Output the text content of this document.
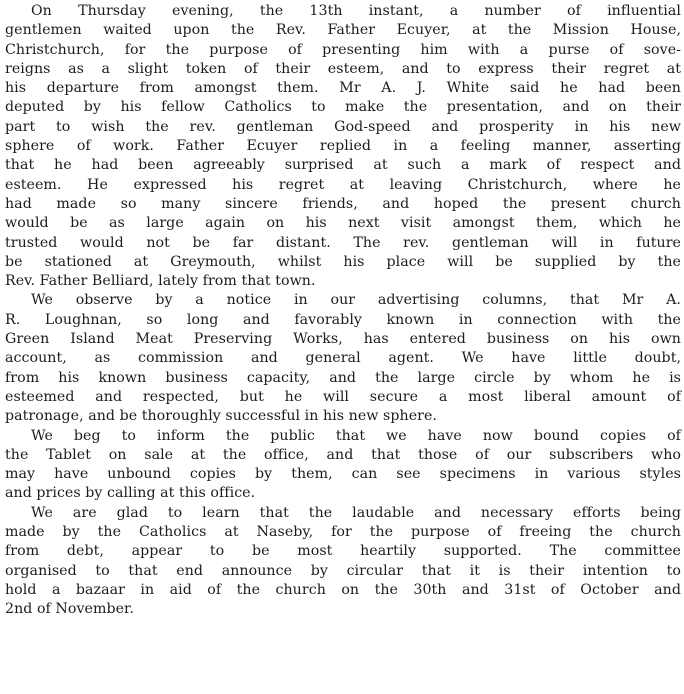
On Thursday evening, the 13th instant, a number of influential
gentlemen waited upon the Rev. Father Ecuyer, at the Mission House,
Christchurch, for the purpose of presenting him with a purse of sove-
reigns as a slight token of their esteem, and to express their regret at
his departure from amongst them. Mr A. J. White said he had been
deputed by his fellow Catholics to make the presentation, and on their
part to wish the rev. gentleman God-speed and prosperity in his new
sphere of work. Father Ecuyer replied in a feeling manner, asserting
that he had been agreeably surprised at such a mark of respect and
esteem. He expressed his regret at leaving Christchurch, where he
had made so many sincere friends, and hoped the present church
would be as large again on his next visit amongst them, which he
trusted would not be far distant. The rev. gentleman will in future
be stationed at Greymouth, whilst his place will be supplied by the
Rev. Father Belliard, lately from that town.
We observe by a notice in our advertising columns, that Mr A.
R. Loughnan, so long and favorably known in connection with the
Green Island Meat Preserving Works, has entered business on his own
account, as commission and general agent. We have little doubt,
from his known business capacity, and the large circle by whom he is
esteemed and respected, but he will secure a most liberal amount of
patronage, and be thoroughly successful in his new sphere.
We beg to inform the public that we have now bound copies of
the Tablet on sale at the office, and that those of our subscribers who
may have unbound copies by them, can see specimens in various styles
and prices by calling at this office.
We are glad to learn that the laudable and necessary efforts being
made by the Catholics at Naseby, for the purpose of freeing the church
from debt, appear to be most heartily supported. The committee
organised to that end announce by circular that it is their intention to
hold a bazaar in aid of the church on the 30th and 31st of October and
2nd of November.
